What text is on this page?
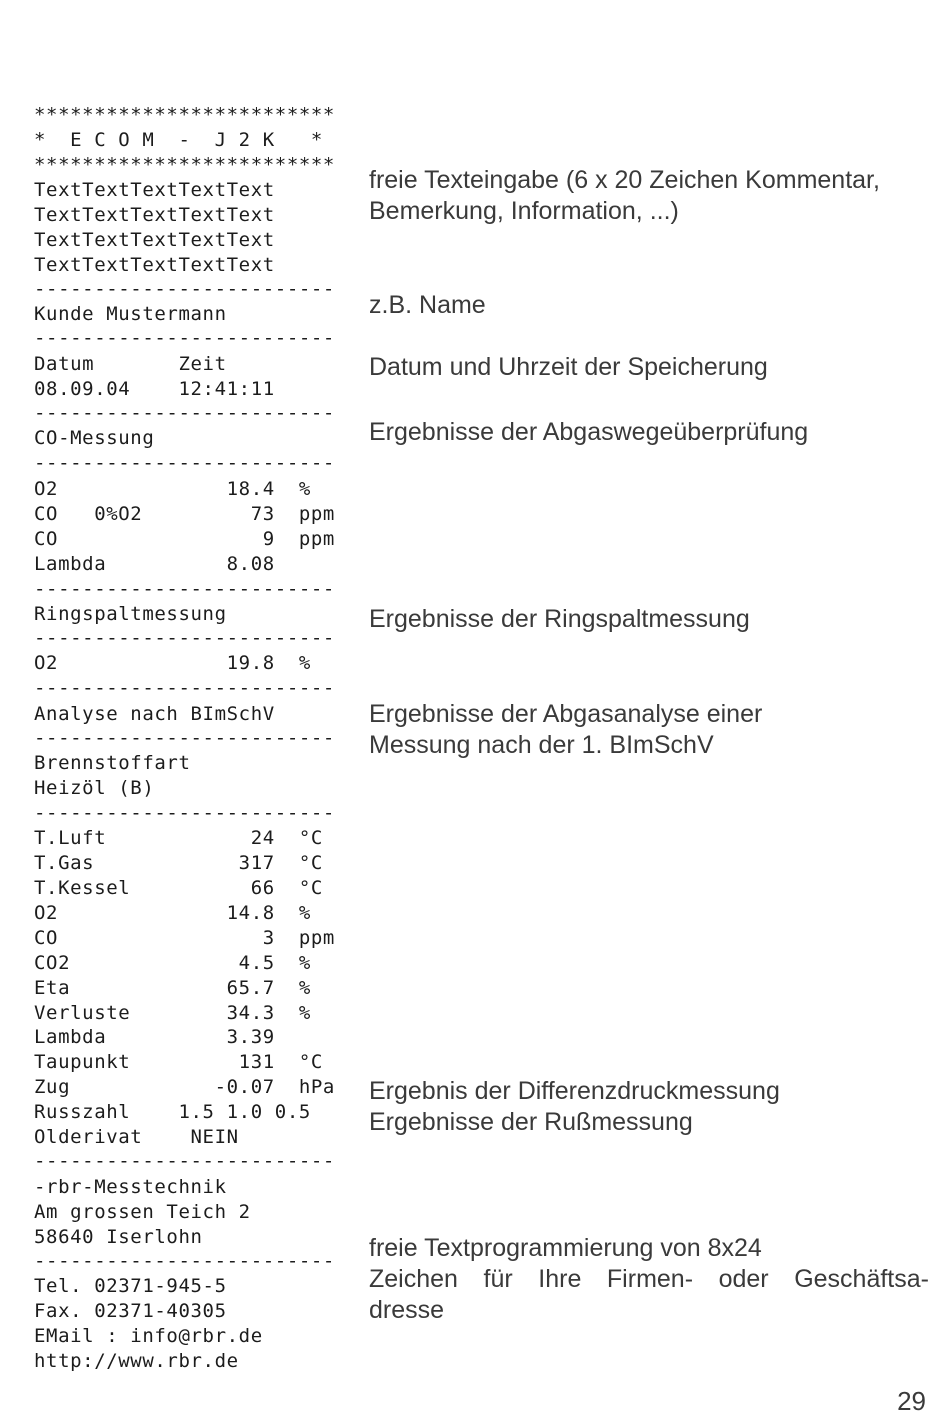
*************************
*  E C O M  -  J 2 K   *
*************************
TextTextTextTextText
TextTextTextTextText
TextTextTextTextText
TextTextTextTextText
-------------------------
Kunde Mustermann
-------------------------
Datum       Zeit
08.09.04    12:41:11
-------------------------
CO-Messung
-------------------------
O2              18.4  %
CO   0%O2         73  ppm
CO                 9  ppm
Lambda          8.08
-------------------------
Ringspaltmessung
-------------------------
O2              19.8  %
-------------------------
Analyse nach BImSchV
-------------------------
Brennstoffart
Heizöl (B)
-------------------------
T.Luft            24  °C
T.Gas            317  °C
T.Kessel          66  °C
O2              14.8  %
CO                 3  ppm
CO2              4.5  %
Eta             65.7  %
Verluste        34.3  %
Lambda          3.39
Taupunkt         131  °C
Zug            -0.07  hPa
Russzahl    1.5 1.0 0.5
Olderivat    NEIN
-------------------------
-rbr-Messtechnik
Am grossen Teich 2
58640 Iserlohn
-------------------------
Tel. 02371-945-5
Fax. 02371-40305
EMail : info@rbr.de
http://www.rbr.de
freie Texteingabe (6 x 20 Zeichen Kommentar,
Bemerkung, Information, ...)
z.B. Name
Datum und Uhrzeit der Speicherung
Ergebnisse der Abgaswegeüberprüfung
Ergebnisse der Ringspaltmessung
Ergebnisse der Abgasanalyse einer
Messung nach der 1. BImSchV
Ergebnis der Differenzdruckmessung
Ergebnisse der Rußmessung
freie Textprogrammierung von 8x24
Zeichen für Ihre Firmen- oder Geschäftsa-
dresse
29
